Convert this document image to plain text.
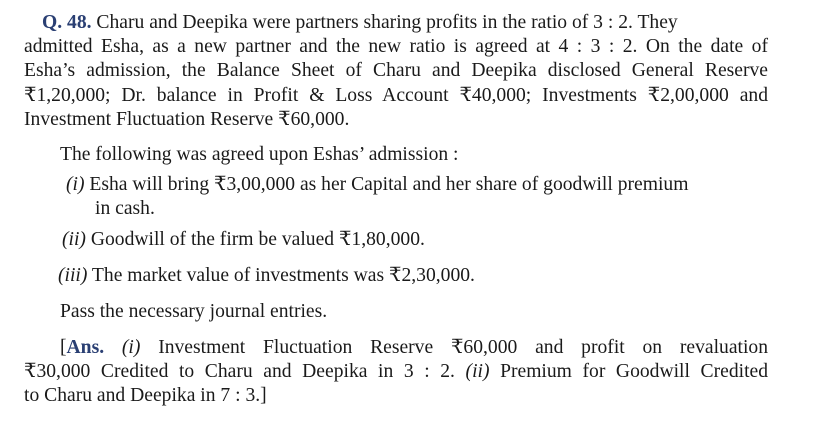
Q. 48. Charu and Deepika were partners sharing profits in the ratio of 3 : 2. They
admitted Esha, as a new partner and the new ratio is agreed at 4 : 3 : 2. On the date of
Esha’s admission, the Balance Sheet of Charu and Deepika disclosed General Reserve
₹1,20,000; Dr. balance in Profit & Loss Account ₹40,000; Investments ₹2,00,000 and
Investment Fluctuation Reserve ₹60,000.
The following was agreed upon Eshas’ admission :
(i) Esha will bring ₹3,00,000 as her Capital and her share of goodwill premium
in cash.
(ii) Goodwill of the firm be valued ₹1,80,000.
(iii) The market value of investments was ₹2,30,000.
Pass the necessary journal entries.
[Ans. (i) Investment Fluctuation Reserve ₹60,000 and profit on revaluation
₹30,000 Credited to Charu and Deepika in 3 : 2. (ii) Premium for Goodwill Credited
to Charu and Deepika in 7 : 3.]
